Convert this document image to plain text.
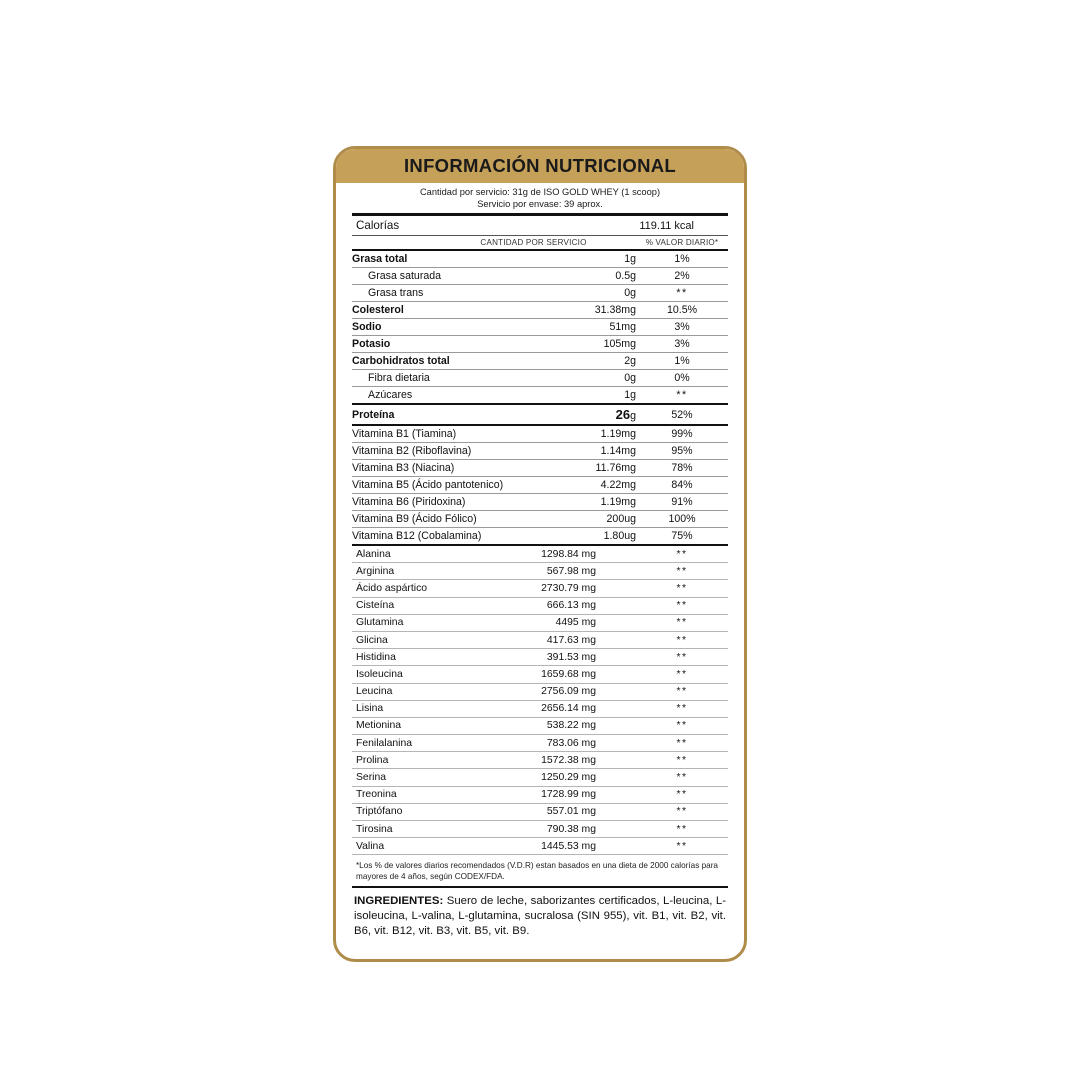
INFORMACIÓN NUTRICIONAL
Cantidad por servicio: 31g de ISO GOLD WHEY (1 scoop)
Servicio por envase: 39 aprox.
Calorías	119.11 kcal
CANTIDAD POR SERVICIO	% VALOR DIARIO*
Grasa total	1g	1%
Grasa saturada	0.5g	2%
Grasa trans	0g	**
Colesterol	31.38mg	10.5%
Sodio	51mg	3%
Potasio	105mg	3%
Carbohidratos total	2g	1%
Fibra dietaria	0g	0%
Azúcares	1g	**
Proteína	26g	52%
Vitamina B1 (Tiamina)	1.19mg	99%
Vitamina B2 (Riboflavina)	1.14mg	95%
Vitamina B3 (Niacina)	11.76mg	78%
Vitamina B5 (Ácido pantotenico)	4.22mg	84%
Vitamina B6 (Piridoxina)	1.19mg	91%
Vitamina B9 (Ácido Fólico)	200ug	100%
Vitamina B12 (Cobalamina)	1.80ug	75%
Alanina	1298.84 mg	**
Arginina	567.98 mg	**
Ácido aspártico	2730.79 mg	**
Cisteína	666.13 mg	**
Glutamina	4495 mg	**
Glicina	417.63 mg	**
Histidina	391.53 mg	**
Isoleucina	1659.68 mg	**
Leucina	2756.09 mg	**
Lisina	2656.14 mg	**
Metionina	538.22 mg	**
Fenilalanina	783.06 mg	**
Prolina	1572.38 mg	**
Serina	1250.29 mg	**
Treonina	1728.99 mg	**
Triptófano	557.01 mg	**
Tirosina	790.38 mg	**
Valina	1445.53 mg	**
*Los % de valores diarios recomendados (V.D.R) estan basados en una dieta de 2000 calorías para mayores de 4 años, según CODEX/FDA.
INGREDIENTES: Suero de leche, saborizantes certificados, L-leucina, L-isoleucina, L-valina, L-glutamina, sucralosa (SIN 955), vit. B1, vit. B2, vit. B6, vit. B12, vit. B3, vit. B5, vit. B9.
